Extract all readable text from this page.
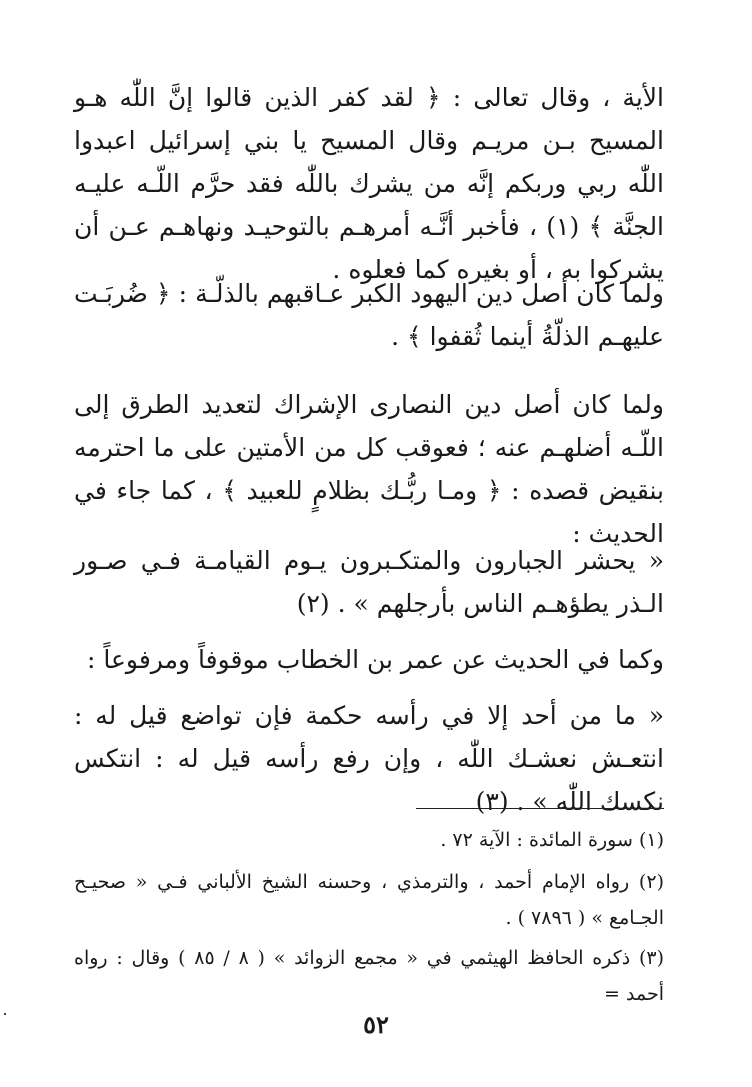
الأية ، وقال تعالى : ﴿ لقد كفر الذين قالوا إنَّ اللّٰه هـو المسيح بـن مريـم وقال المسيح يا بني إسرائيل اعبدوا اللّٰه ربي وربكم إنَّه من يشرك باللّٰه فقد حرَّم اللّـه عليـه الجنَّة ﴾ (١) ، فأخبر أنَّـه أمرهـم بالتوحيـد ونهاهـم عـن أن يشركوا به ، أو بغيره كما فعلوه .

ولما كان أصل دين اليهود الكبر عـاقبهم بالذلّـة : ﴿ ضُربَـت عليهـم الذلّةُ أينما ثُقفوا ﴾ .

ولما كان أصل دين النصارى الإشراك لتعديد الطرق إلى اللّـه أضلهـم عنه ؛ فعوقب كل من الأمتين على ما احترمه بنقيض قصده : ﴿ ومـا ربُّـك بظلامٍ للعبيد ﴾ ، كما جاء في الحديث :

« يحشر الجبارون والمتكـبرون يـوم القيامـة فـي صـور الـذر يطؤهـم الناس بأرجلهم » . (٢)

وكما في الحديث عن عمر بن الخطاب موقوفاً ومرفوعاً :

« ما من أحد إلا في رأسه حكمة فإن تواضع قيل له : انتعـش نعشـك اللّٰه ، وإن رفع رأسه قيل له : انتكس نكسك اللّٰه » . (٣)

(١) سورة المائدة : الآية ٧٢ .

(٢) رواه الإمام أحمد ، والترمذي ، وحسنه الشيخ الألباني فـي « صحيـح الجـامع » ( ٧٨٩٦ ) .

(٣) ذكره الحافظ الهيثمي في « مجمع الزوائد » ( ٨ / ٨٥ ) وقال : رواه أحمد =

٥٢
